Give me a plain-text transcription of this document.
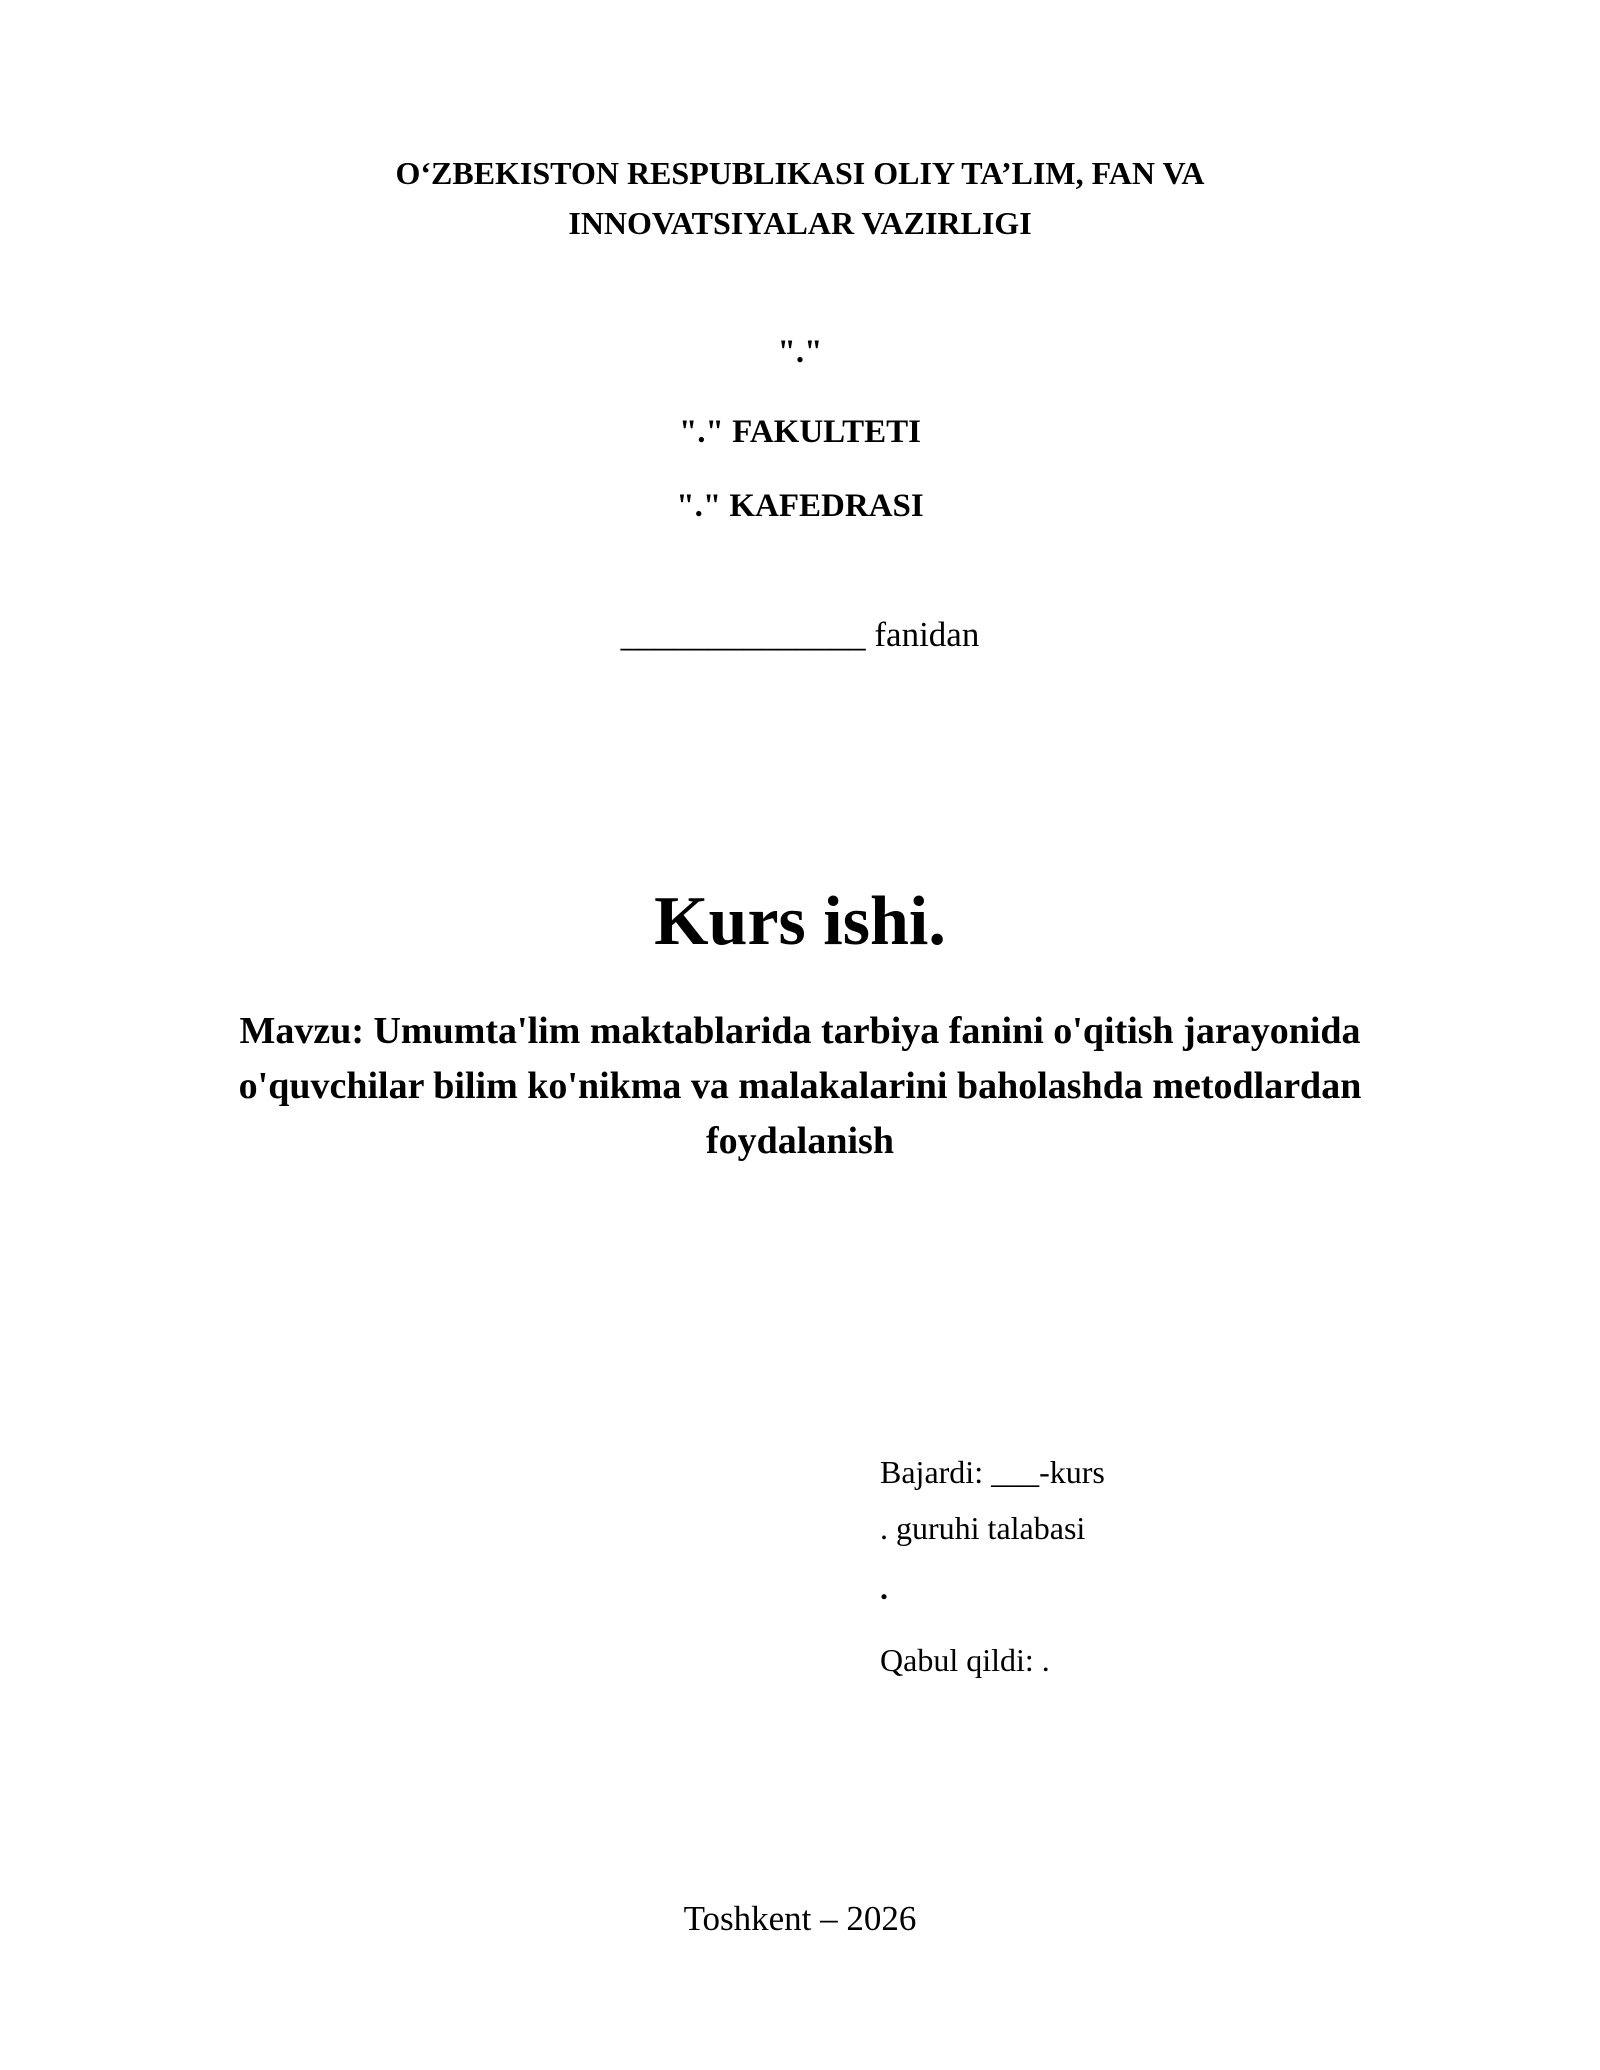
O‘ZBEKISTON RESPUBLIKASI OLIY TA’LIM, FAN VA
INNOVATSIYALAR VAZIRLIGI
"."
"." FAKULTETI
"." KAFEDRASI
______________ fanidan
Kurs ishi.
Mavzu: Umumta'lim maktablarida tarbiya fanini o'qitish jarayonida
o'quvchilar bilim ko'nikma va malakalarini baholashda metodlardan
foydalanish
Bajardi: ___-kurs
. guruhi talabasi
.
Qabul qildi: .
Toshkent – 2026
